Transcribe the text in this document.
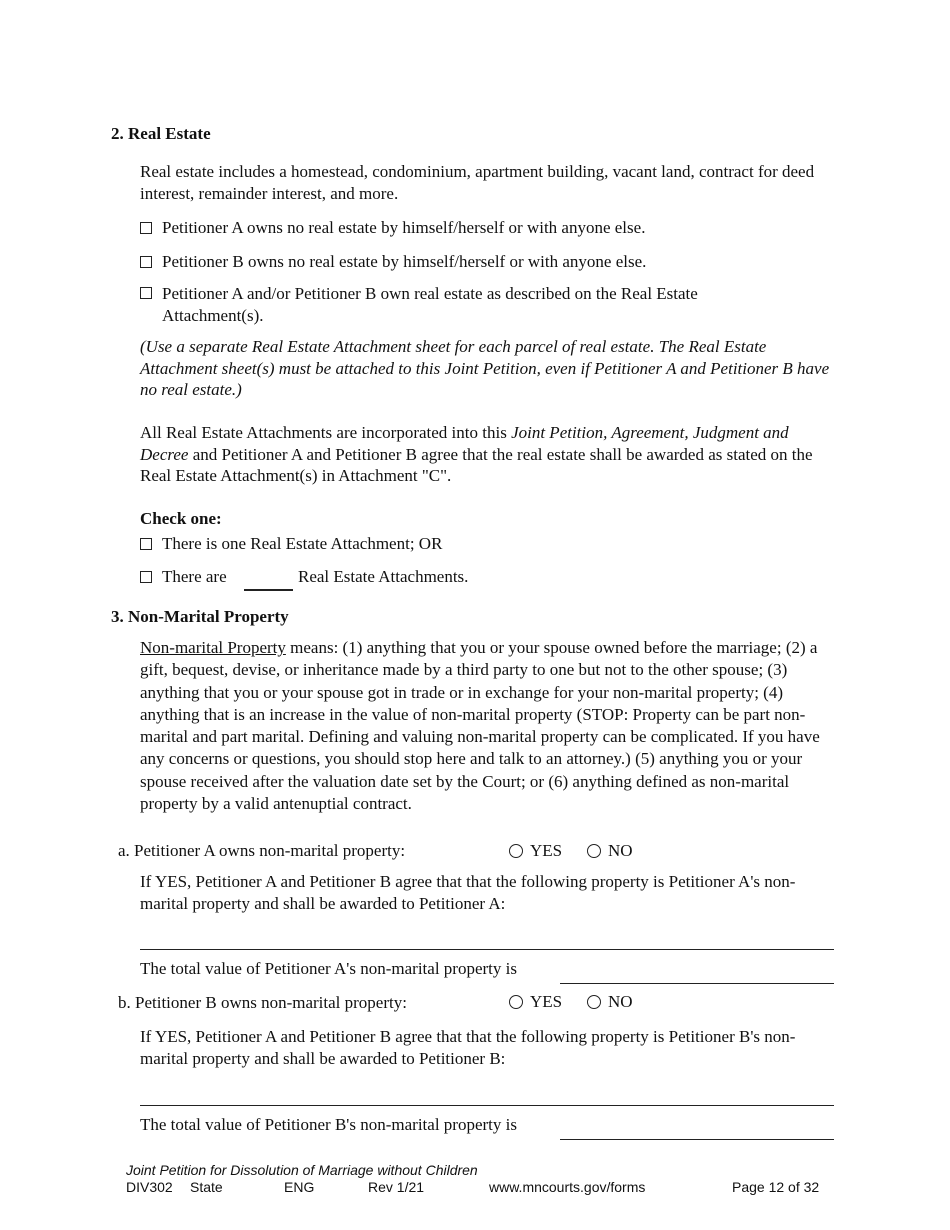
2. Real Estate
Real estate includes a homestead, condominium, apartment building, vacant land, contract for deed interest, remainder interest, and more.
Petitioner A owns no real estate by himself/herself or with anyone else.
Petitioner B owns no real estate by himself/herself or with anyone else.
Petitioner A and/or Petitioner B own real estate as described on the Real Estate Attachment(s).
(Use a separate Real Estate Attachment sheet for each parcel of real estate. The Real Estate Attachment sheet(s) must be attached to this Joint Petition, even if Petitioner A and Petitioner B have no real estate.)
All Real Estate Attachments are incorporated into this Joint Petition, Agreement, Judgment and Decree and Petitioner A and Petitioner B agree that the real estate shall be awarded as stated on the Real Estate Attachment(s) in Attachment "C".
Check one:
There is one Real Estate Attachment; OR
There are	Real Estate Attachments.
3. Non-Marital Property
Non-marital Property means: (1) anything that you or your spouse owned before the marriage; (2) a gift, bequest, devise, or inheritance made by a third party to one but not to the other spouse; (3) anything that you or your spouse got in trade or in exchange for your non-marital property; (4) anything that is an increase in the value of non-marital property (STOP: Property can be part non-marital and part marital. Defining and valuing non-marital property can be complicated. If you have any concerns or questions, you should stop here and talk to an attorney.) (5) anything you or your spouse received after the valuation date set by the Court; or (6) anything defined as non-marital property by a valid antenuptial contract.
a. Petitioner A owns non-marital property:	YES	NO
If YES, Petitioner A and Petitioner B agree that that the following property is Petitioner A's non-marital property and shall be awarded to Petitioner A:
The total value of Petitioner A's non-marital property is
b. Petitioner B owns non-marital property:	YES	NO
If YES, Petitioner A and Petitioner B agree that that the following property is Petitioner B's non-marital property and shall be awarded to Petitioner B:
The total value of Petitioner B's non-marital property is
Joint Petition for Dissolution of Marriage without Children
DIV302 State	ENG	Rev 1/21	www.mncourts.gov/forms	Page 12 of 32
